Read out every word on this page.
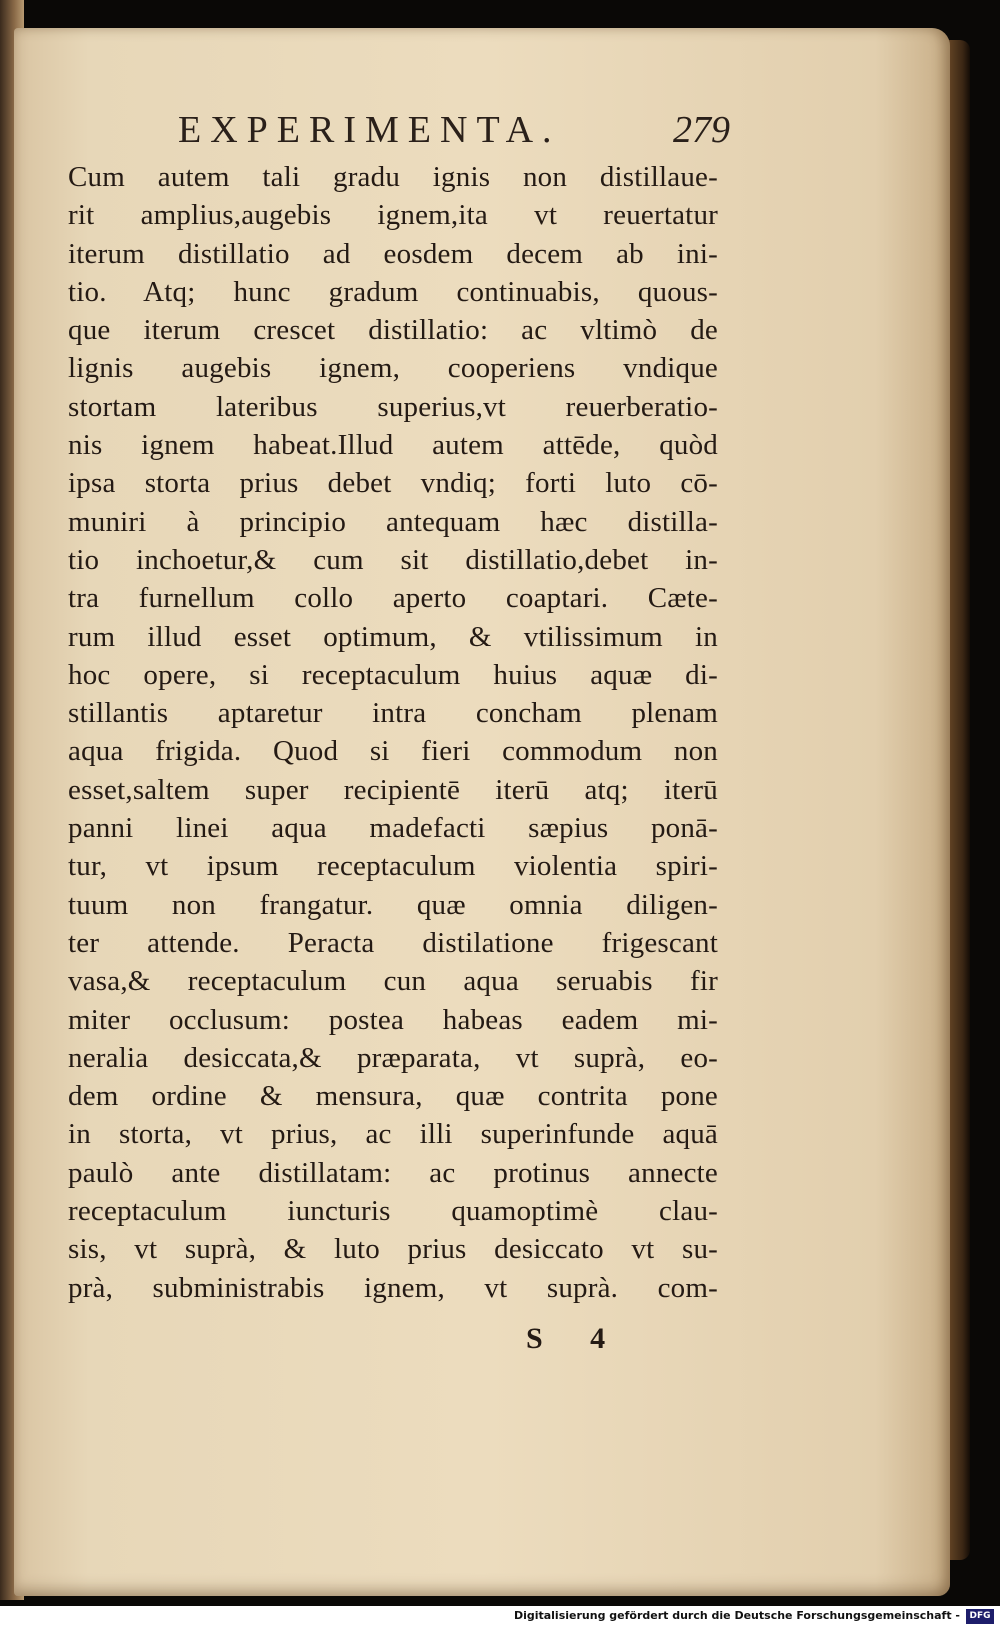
EXPERIMENTA.	279
Cum autem tali gradu ignis non distillaue-
rit amplius,augebis ignem,ita vt reuertatur
iterum distillatio ad eosdem decem ab ini-
tio. Atq; hunc gradum continuabis, quous-
que iterum crescet distillatio: ac vltimò de
lignis augebis ignem, cooperiens vndique
stortam lateribus superius,vt reuerberatio-
nis ignem habeat.Illud autem attēde, quòd
ipsa storta prius debet vndiq; forti luto cō-
muniri à principio antequam hæc distilla-
tio inchoetur,& cum sit distillatio,debet in-
tra furnellum collo aperto coaptari. Cæte-
rum illud esset optimum, & vtilissimum in
hoc opere, si receptaculum huius aquæ di-
stillantis aptaretur intra concham plenam
aqua frigida. Quod si fieri commodum non
esset,saltem super recipientē iterū atq; iterū
panni linei aqua madefacti sæpius ponā-
tur, vt ipsum receptaculum violentia spiri-
tuum non frangatur. quæ omnia diligen-
ter attende. Peracta distilatione frigescant
vasa,& receptaculum cun aqua seruabis fir
miter occlusum: postea habeas eadem mi-
neralia desiccata,& præparata, vt suprà, eo-
dem ordine & mensura, quæ contrita pone
in storta, vt prius, ac illi superinfunde aquā
paulò ante distillatam: ac protinus annecte
receptaculum iuncturis quamoptimè clau-
sis, vt suprà, & luto prius desiccato vt su-
prà, subministrabis ignem, vt suprà. com-
S 4
Digitalisierung gefördert durch die Deutsche Forschungsgemeinschaft -	DFG
